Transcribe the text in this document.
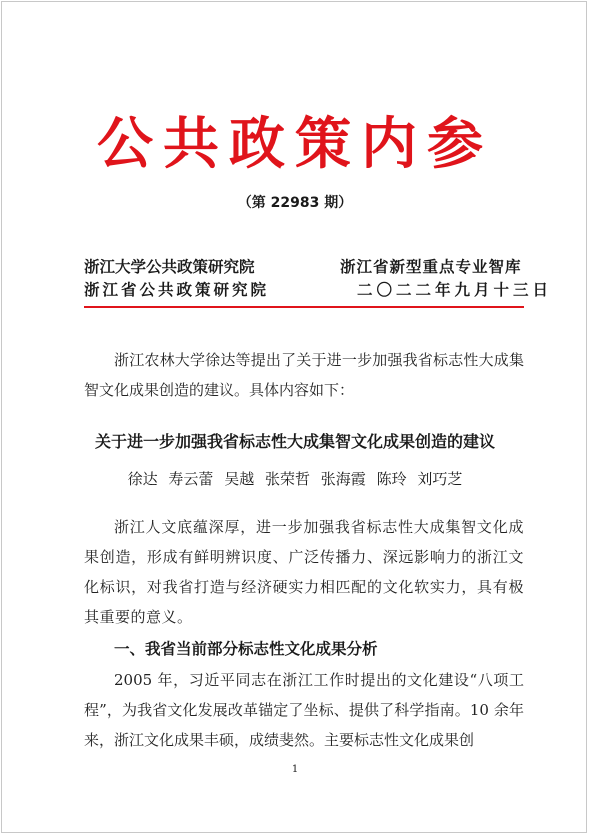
公共政策内参
（第 22983 期）
浙江大学公共政策研究院
浙江省公共政策研究院
浙江省新型重点专业智库
二〇二二年九月十三日
浙江农林大学徐达等提出了关于进一步加强我省标志性大成集智文化成果创造的建议。具体内容如下：
关于进一步加强我省标志性大成集智文化成果创造的建议
徐达 寿云蕾 吴越 张荣哲 张海霞 陈玲 刘巧芝
浙江人文底蕴深厚，进一步加强我省标志性大成集智文化成果创造，形成有鲜明辨识度、广泛传播力、深远影响力的浙江文化标识，对我省打造与经济硬实力相匹配的文化软实力，具有极其重要的意义。
一、我省当前部分标志性文化成果分析
2005 年，习近平同志在浙江工作时提出的文化建设“八项工程”，为我省文化发展改革锚定了坐标、提供了科学指南。10 余年来，浙江文化成果丰硕，成绩斐然。主要标志性文化成果创
1
